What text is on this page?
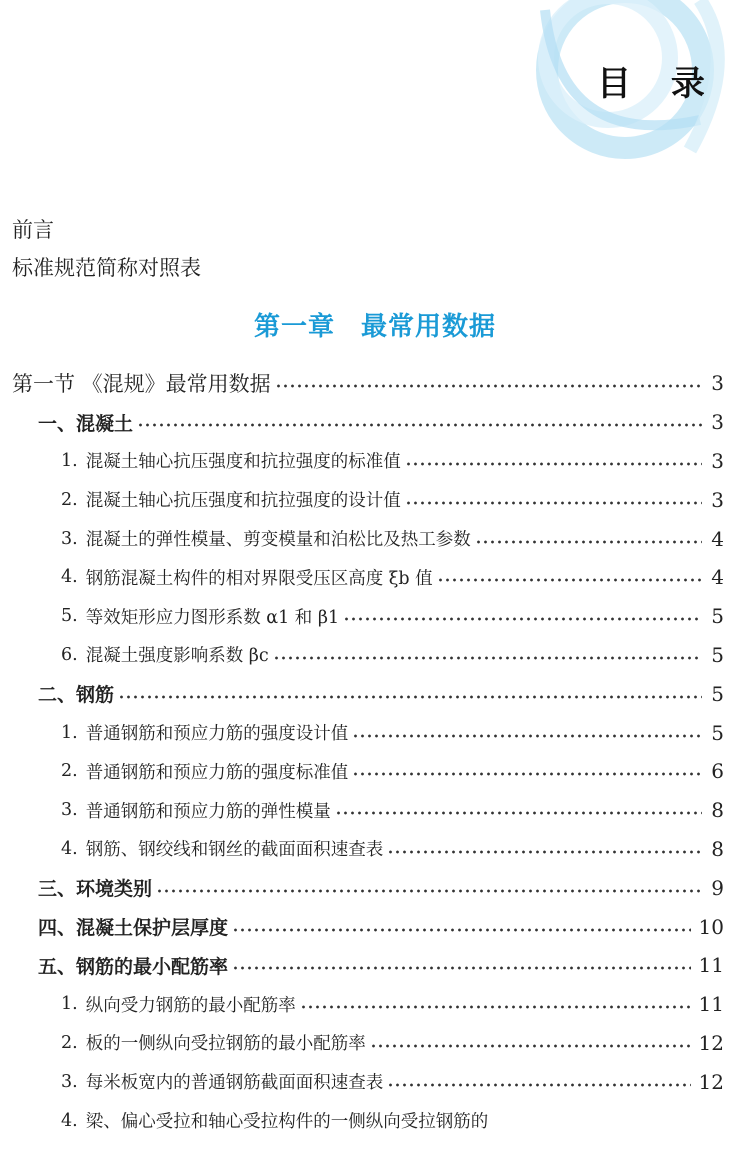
目 录
前言
标准规范简称对照表
第一章 最常用数据
第一节 《混规》最常用数据	3
一、混凝土	3
1. 混凝土轴心抗压强度和抗拉强度的标准值	3
2. 混凝土轴心抗压强度和抗拉强度的设计值	3
3. 混凝土的弹性模量、剪变模量和泊松比及热工参数	4
4. 钢筋混凝土构件的相对界限受压区高度 ξb 值	4
5. 等效矩形应力图形系数 α1 和 β1	5
6. 混凝土强度影响系数 βc	5
二、钢筋	5
1. 普通钢筋和预应力筋的强度设计值	5
2. 普通钢筋和预应力筋的强度标准值	6
3. 普通钢筋和预应力筋的弹性模量	8
4. 钢筋、钢绞线和钢丝的截面面积速查表	8
三、环境类别	9
四、混凝土保护层厚度	10
五、钢筋的最小配筋率	11
1. 纵向受力钢筋的最小配筋率	11
2. 板的一侧纵向受拉钢筋的最小配筋率	12
3. 每米板宽内的普通钢筋截面面积速查表	12
4. 梁、偏心受拉和轴心受拉构件的一侧纵向受拉钢筋的
